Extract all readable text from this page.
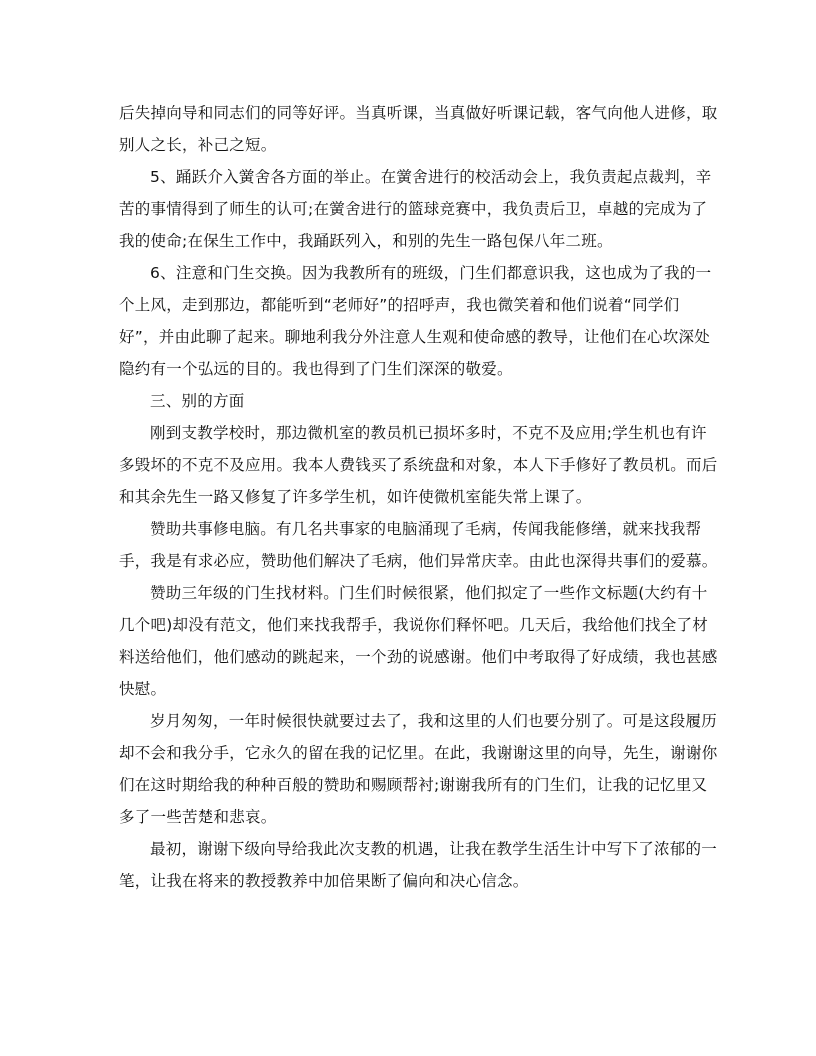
后失掉向导和同志们的同等好评。当真听课，当真做好听课记载，客气向他人进修，取别人之长，补己之短。

5、踊跃介入黉舍各方面的举止。在黉舍进行的校活动会上，我负责起点裁判，辛苦的事情得到了师生的认可;在黉舍进行的篮球竞赛中，我负责后卫，卓越的完成为了我的使命;在保生工作中，我踊跃列入，和别的先生一路包保八年二班。

6、注意和门生交换。因为我教所有的班级，门生们都意识我，这也成为了我的一个上风，走到那边，都能听到“老师好”的招呼声，我也微笑着和他们说着“同学们好”，并由此聊了起来。聊地利我分外注意人生观和使命感的教导，让他们在心坎深处隐约有一个弘远的目的。我也得到了门生们深深的敬爱。

三、别的方面

刚到支教学校时，那边微机室的教员机已损坏多时，不克不及应用;学生机也有许多毁坏的不克不及应用。我本人费钱买了系统盘和对象，本人下手修好了教员机。而后和其余先生一路又修复了许多学生机，如许使微机室能失常上课了。

赞助共事修电脑。有几名共事家的电脑涌现了毛病，传闻我能修缮，就来找我帮手，我是有求必应，赞助他们解决了毛病，他们异常庆幸。由此也深得共事们的爱慕。

赞助三年级的门生找材料。门生们时候很紧，他们拟定了一些作文标题(大约有十几个吧)却没有范文，他们来找我帮手，我说你们释怀吧。几天后，我给他们找全了材料送给他们，他们感动的跳起来，一个劲的说感谢。他们中考取得了好成绩，我也甚感快慰。

岁月匆匆，一年时候很快就要过去了，我和这里的人们也要分别了。可是这段履历却不会和我分手，它永久的留在我的记忆里。在此，我谢谢这里的向导，先生，谢谢你们在这时期给我的种种百般的赞助和赐顾帮衬;谢谢我所有的门生们，让我的记忆里又多了一些苦楚和悲哀。

最初，谢谢下级向导给我此次支教的机遇，让我在教学生活生计中写下了浓郁的一笔，让我在将来的教授教养中加倍果断了偏向和决心信念。
